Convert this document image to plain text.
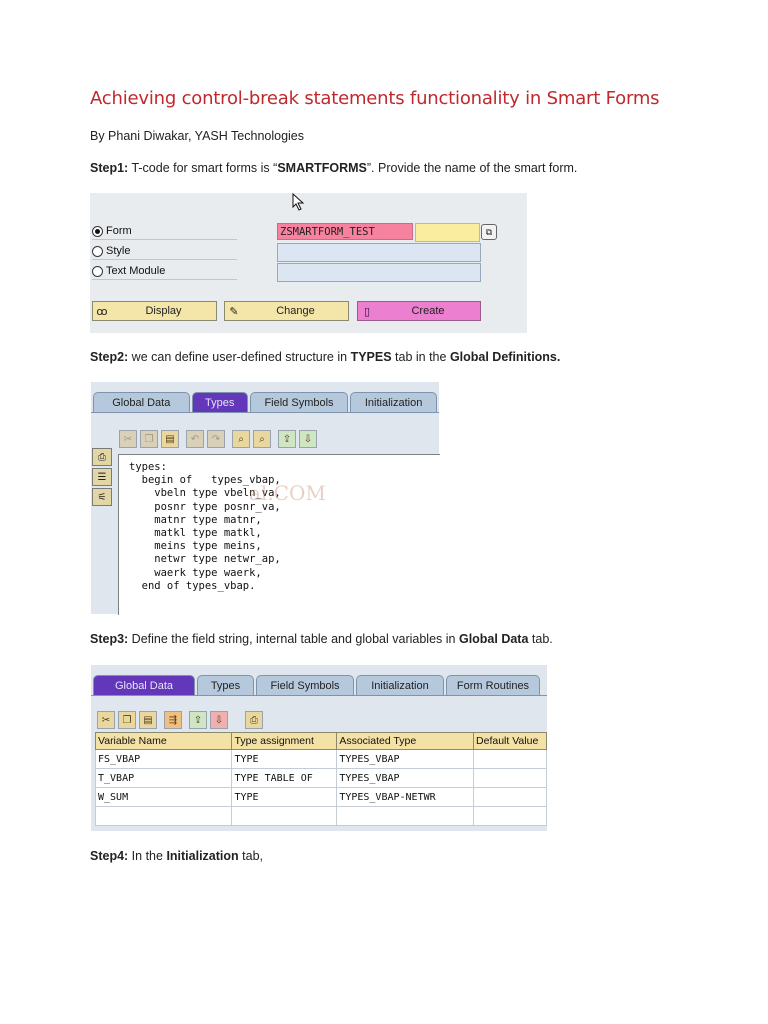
Achieving control-break statements functionality in Smart Forms
By Phani Diwakar, YASH Technologies
Step1: T-code for smart forms is “SMARTFORMS”. Provide the name of the smart form.
Form
Style
Text Module
ZSMARTFORM_TEST	⧉
ꝏ	Display	✎	Change	▯	Create
Step2: we can define user-defined structure in TYPES tab in the Global Definitions.
Global Data	Types	Field Symbols	Initialization
✂	❐	▤	↶	↷	⌕	⌕	⇪	⇩
⎙
☰
⚟	al.COM
types:
begin of   types_vbap,
vbeln type vbeln_va,
posnr type posnr_va,
matnr type matnr,
matkl type matkl,
meins type meins,
netwr type netwr_ap,
waerk type waerk,
end of types_vbap.
Step3: Define the field string, internal table and global variables in Global Data tab.
Global Data	Types	Field Symbols	Initialization	Form Routines
✂	❐	▤	⇶	⇪	⇩	⎙
Variable Name	Type assignment	Associated Type	Default Value
FS_VBAP	TYPE	TYPES_VBAP	
T_VBAP	TYPE TABLE OF	TYPES_VBAP	
W_SUM	TYPE	TYPES_VBAP-NETWR	

Step4: In the Initialization tab,
